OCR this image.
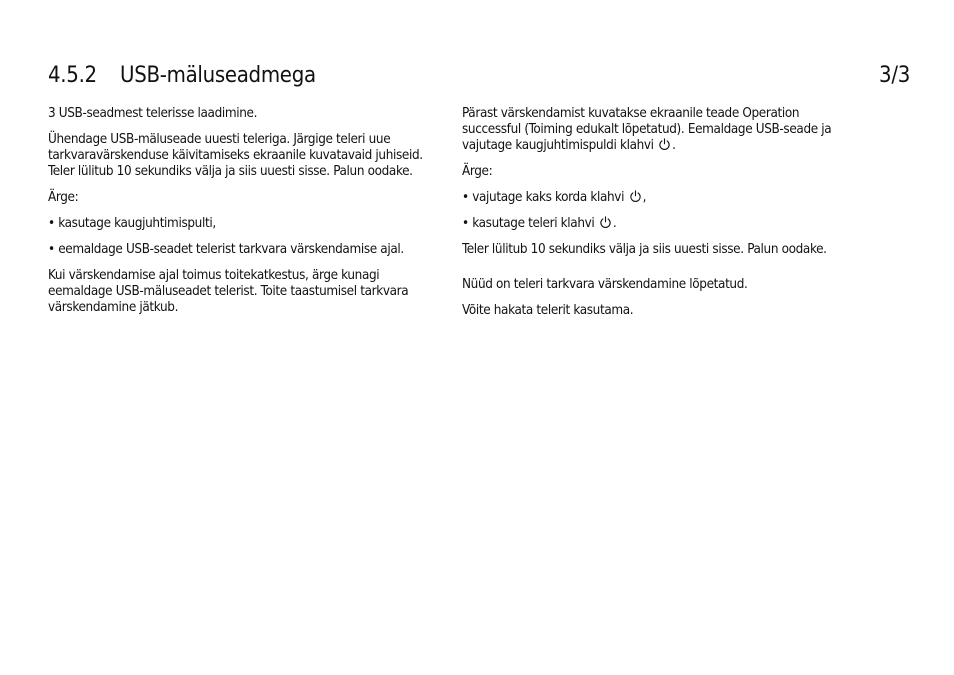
4.5.2 USB-mäluseadmega	3/3

3 USB-seadmest telerisse laadimine.

Ühendage USB-mäluseade uuesti teleriga. Järgige teleri uue tarkvaravärskenduse käivitamiseks ekraanile kuvatavaid juhiseid. Teler lülitub 10 sekundiks välja ja siis uuesti sisse. Palun oodake.

Ärge:

• kasutage kaugjuhtimispulti,

• eemaldage USB-seadet telerist tarkvara värskendamise ajal.

Kui värskendamise ajal toimus toitekatkestus, ärge kunagi eemaldage USB-mäluseadet telerist. Toite taastumisel tarkvara värskendamine jätkub.

Pärast värskendamist kuvatakse ekraanile teade Operation successful (Toiming edukalt lõpetatud). Eemaldage USB-seade ja vajutage kaugjuhtimispuldi klahvi .

Ärge:

• vajutage kaks korda klahvi ,

• kasutage teleri klahvi .

Teler lülitub 10 sekundiks välja ja siis uuesti sisse. Palun oodake.

Nüüd on teleri tarkvara värskendamine lõpetatud.

Võite hakata telerit kasutama.
